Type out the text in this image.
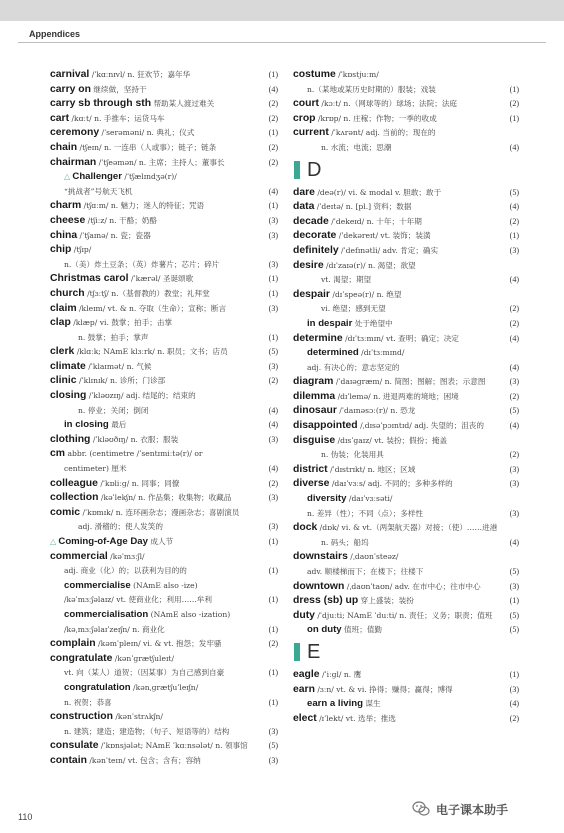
Appendices
carnival /ˈkɑːnɪvl/ n. 狂欢节；嘉年华	(1)
carry on 继续做，坚持干	(4)
carry sb through sth 帮助某人渡过难关	(2)
cart /kɑːt/ n. 手推车；运货马车	(2)
ceremony /ˈserəməni/ n. 典礼；仪式	(1)
chain /tʃeɪn/ n. 一连串（人或事）；链子；链条	(2)
chairman /ˈtʃeəmən/ n. 主席；主持人；董事长	(2)
△ Challenger /ˈtʃælɪndʒə(r)/
“挑战者”号航天飞机	(4)
charm /tʃɑːm/ n. 魅力；迷人的特征；咒语	(1)
cheese /tʃiːz/ n. 干酪；奶酪	(3)
china /ˈtʃaɪnə/ n. 瓷；瓷器	(3)
chip /tʃɪp/
n.（美）炸土豆条；（英）炸薯片；芯片；碎片	(3)
Christmas carol /ˈkærəl/ 圣诞颂歌	(1)
church /tʃɜːtʃ/ n.（基督教的）教堂；礼拜堂	(1)
claim /kleɪm/ vt. & n. 夺取（生命）；宣称；断言	(3)
clap /klæp/ vi. 鼓掌；拍手；击掌
n. 鼓掌；拍手；掌声	(1)
clerk /klɑːk; NAmE klɜːrk/ n. 职员；文书；店员	(5)
climate /ˈklaɪmət/ n. 气候	(3)
clinic /ˈklɪnɪk/ n. 诊所；门诊部	(2)
closing /ˈkləʊzɪŋ/ adj. 结尾的；结束的
n. 停业；关闭；倒闭	(4)
in closing 最后	(4)
clothing /ˈkləʊðɪŋ/ n. 衣服；服装	(3)
cm abbr. (centimetre /ˈsentɪmiːtə(r)/ or
centimeter) 厘米	(4)
colleague /ˈkɒliːɡ/ n. 同事；同僚	(2)
collection /kəˈlekʃn/ n. 作品集；收集物；收藏品	(3)
comic /ˈkɒmɪk/ n. 连环画杂志；漫画杂志；喜剧演员
adj. 滑稽的；使人发笑的	(3)
△ Coming-of-Age Day 成人节	(1)
commercial /kəˈmɜːʃl/
adj. 商业（化）的；以获利为目的的	(1)
commercialise (NAmE also -ize)
/kəˈmɜːʃəlaɪz/ vt. 使商业化；利用……牟利	(1)
commercialisation (NAmE also -ization)
/kəˌmɜːʃəlaɪˈzeɪʃn/ n. 商业化	(1)
complain /kəmˈpleɪn/ vi. & vt. 抱怨；发牢骚	(2)
congratulate /kənˈɡrætʃuleɪt/
vt. 向（某人）道贺；（因某事）为自己感到自豪	(1)
congratulation /kənˌɡrætʃuˈleɪʃn/
n. 祝贺；恭喜	(1)
construction /kənˈstrʌkʃn/
n. 建筑；建造；建造物；（句子、短语等的）结构	(3)
consulate /ˈkɒnsjələt; NAmE ˈkɑːnsələt/ n. 领事馆	(5)
contain /kənˈteɪn/ vt. 包含；含有；容纳	(3)
costume /ˈkɒstjuːm/
n.（某地或某历史时期的）服装；戏装	(1)
court /kɔːt/ n.（网球等的）球场；法院；法庭	(2)
crop /krɒp/ n. 庄稼；作物；一季的收成	(1)
current /ˈkʌrənt/ adj. 当前的；现在的
n. 水流；电流；思潮	(4)
D
dare /deə(r)/ vi. & modal v. 胆敢；敢于	(5)
data /ˈdeɪtə/ n. [pl.] 资料；数据	(4)
decade /ˈdekeɪd/ n. 十年；十年期	(2)
decorate /ˈdekəreɪt/ vt. 装饰；装潢	(1)
definitely /ˈdefɪnətli/ adv. 肯定；确实	(3)
desire /dɪˈzaɪə(r)/ n. 渴望；欲望
vt. 渴望；期望	(4)
despair /dɪˈspeə(r)/ n. 绝望
vi. 绝望；感到无望	(2)
in despair 处于绝望中	(2)
determine /dɪˈtɜːmɪn/ vt. 查明；确定；决定	(4)
determined /dɪˈtɜːmɪnd/
adj. 有决心的；意志坚定的	(4)
diagram /ˈdaɪəɡræm/ n. 简图；图解；图表；示意图	(3)
dilemma /dɪˈlemə/ n. 进退两难的境地；困境	(2)
dinosaur /ˈdaɪnəsɔː(r)/ n. 恐龙	(5)
disappointed /ˌdɪsəˈpɔɪntɪd/ adj. 失望的；沮丧的	(4)
disguise /dɪsˈɡaɪz/ vt. 装扮；假扮；掩盖
n. 伪装；化装用具	(2)
district /ˈdɪstrɪkt/ n. 地区；区域	(3)
diverse /daɪˈvɜːs/ adj. 不同的；多种多样的	(3)
diversity /daɪˈvɜːsəti/
n. 差异（性）；不同（点）；多样性	(3)
dock /dɒk/ vi. & vt.（两架航天器）对接；（使）……进港
n. 码头；船坞	(4)
downstairs /ˌdaʊnˈsteəz/
adv. 顺楼梯而下；在楼下；往楼下	(5)
downtown /ˌdaʊnˈtaʊn/ adv. 在市中心；往市中心	(3)
dress (sb) up 穿上盛装；装扮	(1)
duty /ˈdjuːti; NAmE ˈduːti/ n. 责任；义务；职责；值班 (5)
on duty 值班；值勤	(5)
E
eagle /ˈiːɡl/ n. 鹰	(1)
earn /ɜːn/ vt. & vi. 挣得；赚得；赢得；博得	(3)
earn a living 谋生	(4)
elect /ɪˈlekt/ vt. 选举；推选	(2)
110
电子课本助手
